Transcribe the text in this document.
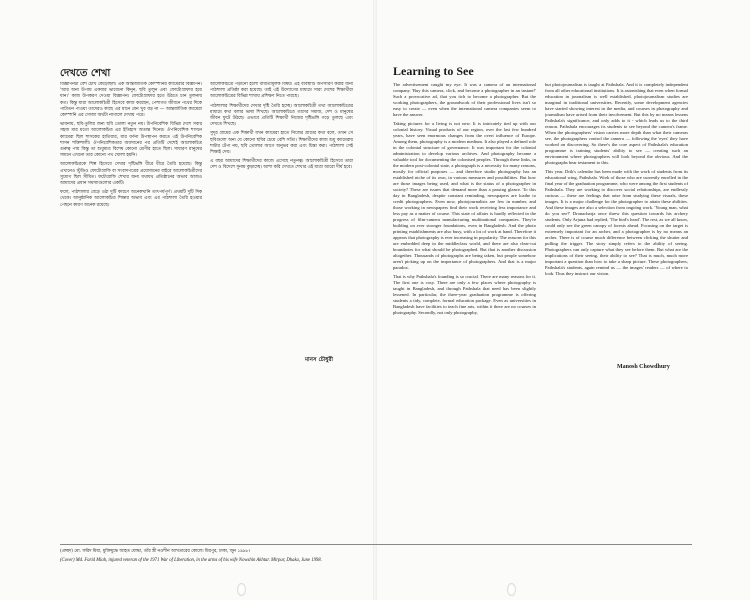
দেখতে শেখা

বিজ্ঞাপনটা বেশ চোখ কেড়েছিল। এক আন্তর্জাতিক কোম্পানির ক্যামেরার বিজ্ঞাপন। 'আর অন্য উপায় একবার ভাবেনো কিনুন, ছবি তুলুন এবং ফোটোগ্রাফার হয়ে যান।' কাজ উপকরণ দেওয়া বিজ্ঞাপন। ফোটোগ্রাফার হতে উঠতে চান তুলনায় কত। কিন্তু যারা আলোকচিত্রী হিসেবে কাজ করছেন, পেশাগত জীবনে পথের দিকে পাটাতন পাওয়া তাদেরও কাছে এর মানে যেন খুব বড় না — আন্তর্জাতিক ক্যামেরা কোম্পানি এর সোজা অর্থটা নাগালে দেখায় পরে।

ভাবনায়, ছবি-তুলির জন্য ছবি তোলা নতুন নয়। উপনিবেশিক বিভিন্ন দেশে সবার সহজ মার মতো আলোকচিত্র এর ইতিহাস অত্যন্ত দিনের। ঔপনিবেশিক শাসনে ক্যামেরা ছিল শাসকের হাতিয়ার, যার বর্ণনা উপস্থাপন করতে এই উপনিবেশিক শাসন শক্তিশালী। ঔপনিবেশিকতার অবসানের পর প্রতিটি দেশেই আলোকচিত্র গুরুত্ব পায় কিন্তু তা শুধুমাত্র বিশেষ কোনো শ্রেণীর হাতে ছিল। সাধারণ মানুষের সামনে এখনো তার কোনো পথ খোলা হয়নি।

আলোকচিত্রকে শিল্প হিসেবে দেখার দৃষ্টিভঙ্গি ধীরে ধীরে তৈরি হয়েছে। কিন্তু এখানেও স্টুডিও ফোটোগ্রাফি বা সংবাদপত্রের প্রয়োজনের বাইরে আলোকচিত্রীদের সুযোগ ছিল সীমিত। ফটোগ্রাফি শেখার জন্য যথাযথ প্রতিষ্ঠানের অভাব আজও আমাদের প্রধান সমস্যাগুলোর একটি।

ফলে, পাঠশালার বেড়ে ওঠা দুটি কারণে অনেকখানি তাৎপর্যপূর্ণ। প্রথমটি দুটি দিক থেকে। আনুষ্ঠানিক আলোকচিত্র শিক্ষার অভাব এবং এর পাঠশালা তৈরি হওয়ার পেছনে কারণ অনেক রয়েছে।

আলোকচিত্রে পড়ানো হলো বাধ্যতামূলক বিষয়। এই ব্যবস্থাটি অপসারণ করার জন্য পাঠশালা প্রতিষ্ঠা করা হয়েছে। তাই এই উদ্যোগের মাধ্যমে সারা দেশের শিক্ষার্থীরা আলোকচিত্রের বিভিন্ন শাখায় প্রশিক্ষণ নিতে পারছে।

পাঠশালার শিক্ষার্থীদের দেখার দৃষ্টি তৈরি হচ্ছে। আলোকচিত্রী তথা আলোকচিত্রের মাধ্যমে কথা বলার ভাষা শিখছে। আলোকচিত্রে তাদের সমাজ, দেশ ও মানুষের জীবন ফুটে উঠছে। এভাবে প্রতিটি শিক্ষার্থী নিজের দৃষ্টিভঙ্গি গড়ে তুলছে এবং দেখতে শিখছে।

সুদূর গ্রামের এক শিক্ষার্থী যখন ক্যামেরা হাতে নিজের গ্রামের কথা বলে, তখন সে ছবিগুলো অন্য যে কোনো ছবির চেয়ে বেশি সত্যি। শিক্ষার্থীদের কাজ শুধু ক্যামেরায় শাটার টেপা নয়, ছবি তোলার আগে অনুভব করা এবং চিন্তা করা। পাঠশালা সেই শিক্ষাই দেয়।

এ বছর আমাদের শিক্ষার্থীদের কাজে এসেছে নতুনত্ব। আলোকচিত্রী হিসেবে তারা দেশ ও বিদেশে সুনাম কুড়াচ্ছে। আশা করি দেখতে শেখার এই যাত্রা আরো দীর্ঘ হবে।

মানস চৌধুরী
Learning to See

The advertisement caught my eye. It was a camera of an international company. 'Buy this camera, click, and become a photographer in an instant!' Such a provocative ad, that you itch to become a photographer. But the working photographers, the groundwork of their professional lives isn't so easy to create — even when the international camera companies seem to have the answer.

Taking pictures for a living is not new. It is intricately tied up with our colonial history. Visual products of our region, over the last few hundred years, have seen enormous changes from the overt influence of Europe. Among them, photography is a modern medium. It also played a defined role in the colonial structure of governance. It was important for the colonial administration to develop various archives. And photography became a valuable tool for documenting the colonised peoples. Through these links, in the modern post-colonial state, a photograph is a necessity for many reasons, mostly for official purposes — and therefore studio photography has an established niche of its own, in various measures and possibilities. But how are those images being used, and what is the status of a photographer in society? These are issues that demand more than a passing glance. To this day in Bangladesh, despite constant reminding, newspapers are loathe to credit photographers. Even now, photojournalists are few in number, and those working in newspapers find their work receiving less importance and less pay as a matter of course. This state of affairs is hardly reflected in the progress of film-camera manufacturing multinational companies. They're building on ever stronger foundations, even in Bangladesh. And the photo printing establishments are also busy, with a lot of work at hand. Therefore it appears that photography is ever increasing in popularity. The reasons for this are embedded deep in the middleclass world, and there are also clear-cut boundaries for what should be photographed. But that is another discussion altogether. Thousands of photographs are being taken, but people somehow aren't picking up on the importance of photographers. And that is a major paradox.

That is why Pathshala's founding is so crucial. There are many reasons for it. The first one is cosy. There are only a few places where photography is taught in Bangladesh, and through Pathshala that need has been slightly lessened. In particular, the three-year graduation programme is offering students a tidy, complete, formal education package. Even as universities in Bangladesh have facilities to teach fine arts, within it there are no courses in photography. Secondly, not only photography,

but photojournalism is taught at Pathshala. And it is completely independent from all other educational institutions. It is astonishing that even when formal education in journalism is well established, photojournalism studies are marginal in traditional universities. Recently, some development agencies have started showing interest in the media, and courses in photography and journalism have arised from their involvement. But this by no means lessens Pathshala's significance, and only adds to it - which leads us to the third reason. Pathshala encourages its students to see beyond the camera's frame. When the photographers' vision carries more depth than what their cameras see, the photographers control the camera — following the 'eyes' they have worked on discovering. So there's the core aspect of Pathshala's education programme is training students' ability to see — creating such an environment where photographers will look beyond the obvious. And the photographs bear testament to this.

This year, Drik's calendar has been made with the work of students from its educational wing, Pathshala. Work of those who are currently enrolled in the final year of the graduation programme, who were among the first students of Pathshala. They are working to discover social relationships, are endlessly curious — these are feelings that arise from studying these visuals, these images. It is a major challenge for the photographer to attain these abilities. And these images are also a selection from ongoing work. 'Young man, what do you see?' Dronacharja once threw this question towards his archery students. Only Arjuna had replied, 'The bird's head'. The rest, as we all know, could only see the green canopy of forests ahead. Focusing on the target is extremely important for an archer, and a photographer is by no means an archer. There is of course much difference between clicking the shutter and pulling the trigger. The story simply refers to the ability of seeing. Photographers can only capture what they see before them. But what are the implications of their seeing, their ability to see? That is much, much more important a question than how to take a sharp picture. These photographers, Pathshala's students, again remind us — the images' readers — of where to look. Thus they instruct our vision.

Manosh Chowdhury
(প্রচ্ছদ) মো. ফরিদ মিয়া, মুক্তিযুদ্ধে আহত যোদ্ধা, তাঁর স্ত্রী নওশীন আখতারের কোলে। মিরপুর, ঢাকা, জুন ১৯৯৮।
(Cover) Md. Farid Miah, injured veteran of the 1971 War of Liberation, in the arms of his wife Nowshin Akhtar. Mirpur, Dhaka, June 1998.
